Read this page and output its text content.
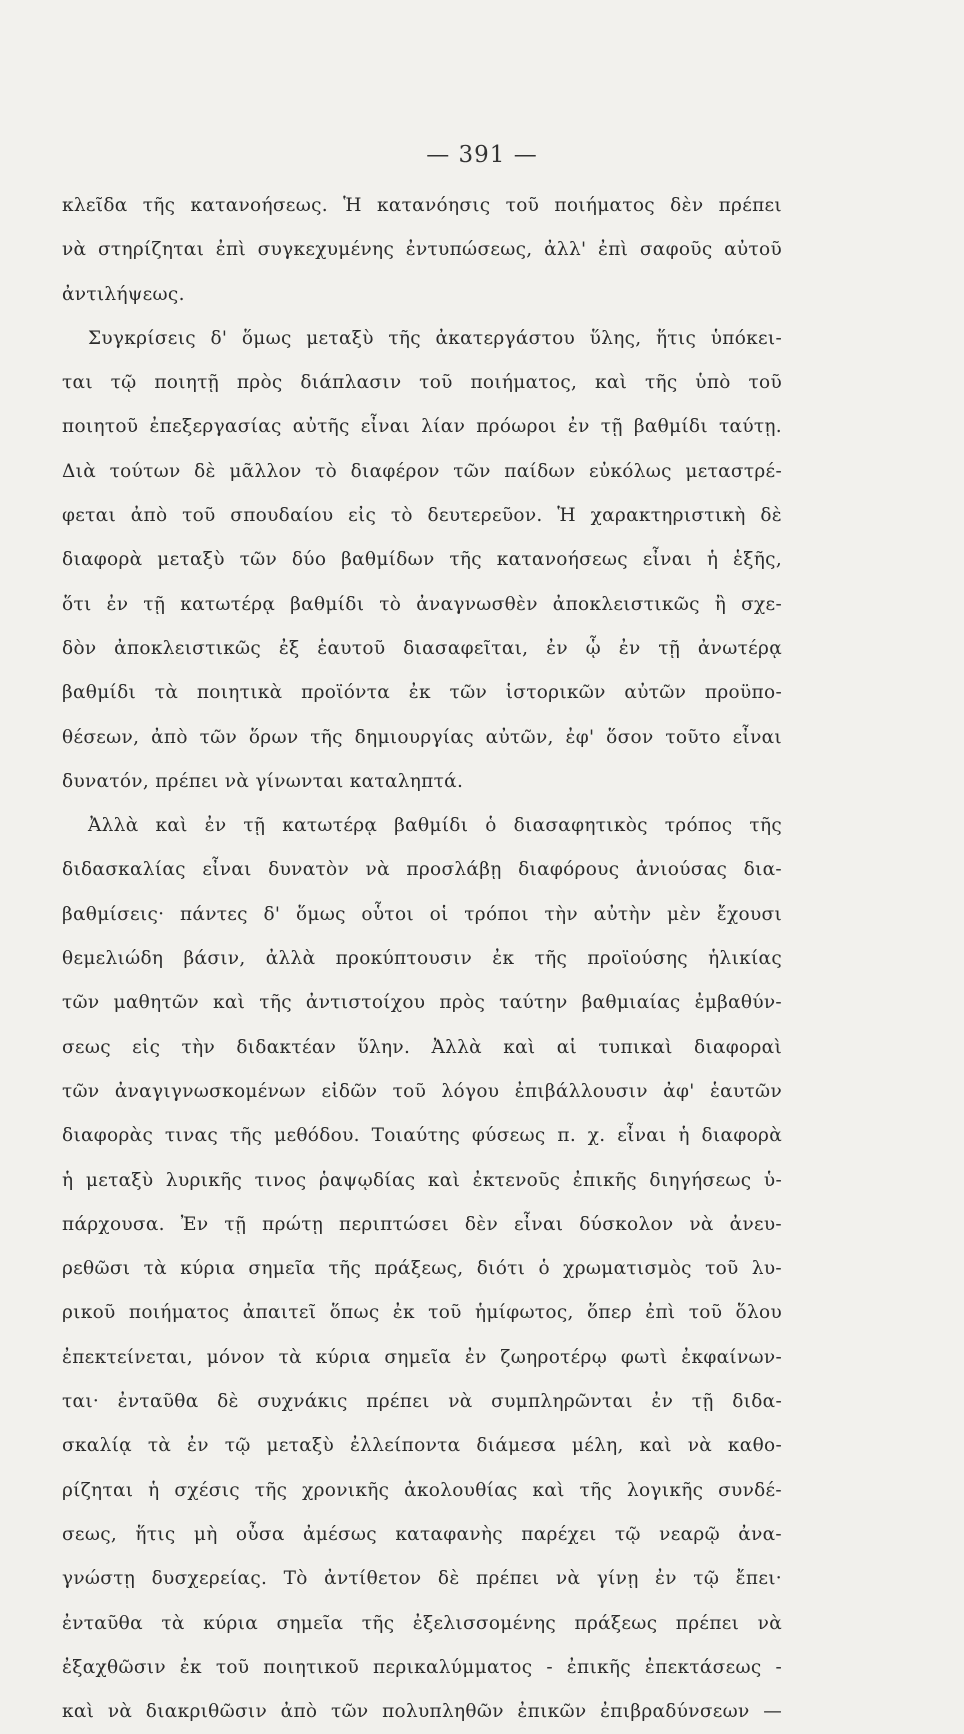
— 391 —
κλεῖδα τῆς κατανοήσεως. Ἡ κατανόησις τοῦ ποιήματος δὲν πρέπει
νὰ στηρίζηται ἐπὶ συγκεχυμένης ἐντυπώσεως, ἀλλ' ἐπὶ σαφοῦς αὐτοῦ
ἀντιλήψεως.
Συγκρίσεις δ' ὅμως μεταξὺ τῆς ἀκατεργάστου ὕλης, ἥτις ὑπόκει-
ται τῷ ποιητῇ πρὸς διάπλασιν τοῦ ποιήματος, καὶ τῆς ὑπὸ τοῦ
ποιητοῦ ἐπεξεργασίας αὐτῆς εἶναι λίαν πρόωροι ἐν τῇ βαθμίδι ταύτῃ.
Διὰ τούτων δὲ μᾶλλον τὸ διαφέρον τῶν παίδων εὐκόλως μεταστρέ-
φεται ἀπὸ τοῦ σπουδαίου εἰς τὸ δευτερεῦον. Ἡ χαρακτηριστικὴ δὲ
διαφορὰ μεταξὺ τῶν δύο βαθμίδων τῆς κατανοήσεως εἶναι ἡ ἑξῆς,
ὅτι ἐν τῇ κατωτέρᾳ βαθμίδι τὸ ἀναγνωσθὲν ἀποκλειστικῶς ἢ σχε-
δὸν ἀποκλειστικῶς ἐξ ἑαυτοῦ διασαφεῖται, ἐν ᾧ ἐν τῇ ἀνωτέρᾳ
βαθμίδι τὰ ποιητικὰ προϊόντα ἐκ τῶν ἱστορικῶν αὐτῶν προϋπο-
θέσεων, ἀπὸ τῶν ὅρων τῆς δημιουργίας αὐτῶν, ἐφ' ὅσον τοῦτο εἶναι
δυνατόν, πρέπει νὰ γίνωνται καταληπτά.
Ἀλλὰ καὶ ἐν τῇ κατωτέρᾳ βαθμίδι ὁ διασαφητικὸς τρόπος τῆς
διδασκαλίας εἶναι δυνατὸν νὰ προσλάβῃ διαφόρους ἀνιούσας δια-
βαθμίσεις· πάντες δ' ὅμως οὗτοι οἱ τρόποι τὴν αὐτὴν μὲν ἔχουσι
θεμελιώδη βάσιν, ἀλλὰ προκύπτουσιν ἐκ τῆς προϊούσης ἡλικίας
τῶν μαθητῶν καὶ τῆς ἀντιστοίχου πρὸς ταύτην βαθμιαίας ἐμβαθύν-
σεως εἰς τὴν διδακτέαν ὕλην. Ἀλλὰ καὶ αἱ τυπικαὶ διαφοραὶ
τῶν ἀναγιγνωσκομένων εἰδῶν τοῦ λόγου ἐπιβάλλουσιν ἀφ' ἑαυτῶν
διαφορὰς τινας τῆς μεθόδου. Τοιαύτης φύσεως π. χ. εἶναι ἡ διαφορὰ
ἡ μεταξὺ λυρικῆς τινος ῥαψῳδίας καὶ ἐκτενοῦς ἐπικῆς διηγήσεως ὑ-
πάρχουσα. Ἐν τῇ πρώτῃ περιπτώσει δὲν εἶναι δύσκολον νὰ ἀνευ-
ρεθῶσι τὰ κύρια σημεῖα τῆς πράξεως, διότι ὁ χρωματισμὸς τοῦ λυ-
ρικοῦ ποιήματος ἀπαιτεῖ ὅπως ἐκ τοῦ ἡμίφωτος, ὅπερ ἐπὶ τοῦ ὅλου
ἐπεκτείνεται, μόνον τὰ κύρια σημεῖα ἐν ζωηροτέρῳ φωτὶ ἐκφαίνων-
ται· ἐνταῦθα δὲ συχνάκις πρέπει νὰ συμπληρῶνται ἐν τῇ διδα-
σκαλίᾳ τὰ ἐν τῷ μεταξὺ ἐλλείποντα διάμεσα μέλη, καὶ νὰ καθο-
ρίζηται ἡ σχέσις τῆς χρονικῆς ἀκολουθίας καὶ τῆς λογικῆς συνδέ-
σεως, ἥτις μὴ οὖσα ἀμέσως καταφανὴς παρέχει τῷ νεαρῷ ἀνα-
γνώστῃ δυσχερείας. Τὸ ἀντίθετον δὲ πρέπει νὰ γίνῃ ἐν τῷ ἔπει·
ἐνταῦθα τὰ κύρια σημεῖα τῆς ἐξελισσομένης πράξεως πρέπει νὰ
ἐξαχθῶσιν ἐκ τοῦ ποιητικοῦ περικαλύμματος - ἐπικῆς ἐπεκτάσεως -
καὶ νὰ διακριθῶσιν ἀπὸ τῶν πολυπληθῶν ἐπικῶν ἐπιβραδύνσεων —
